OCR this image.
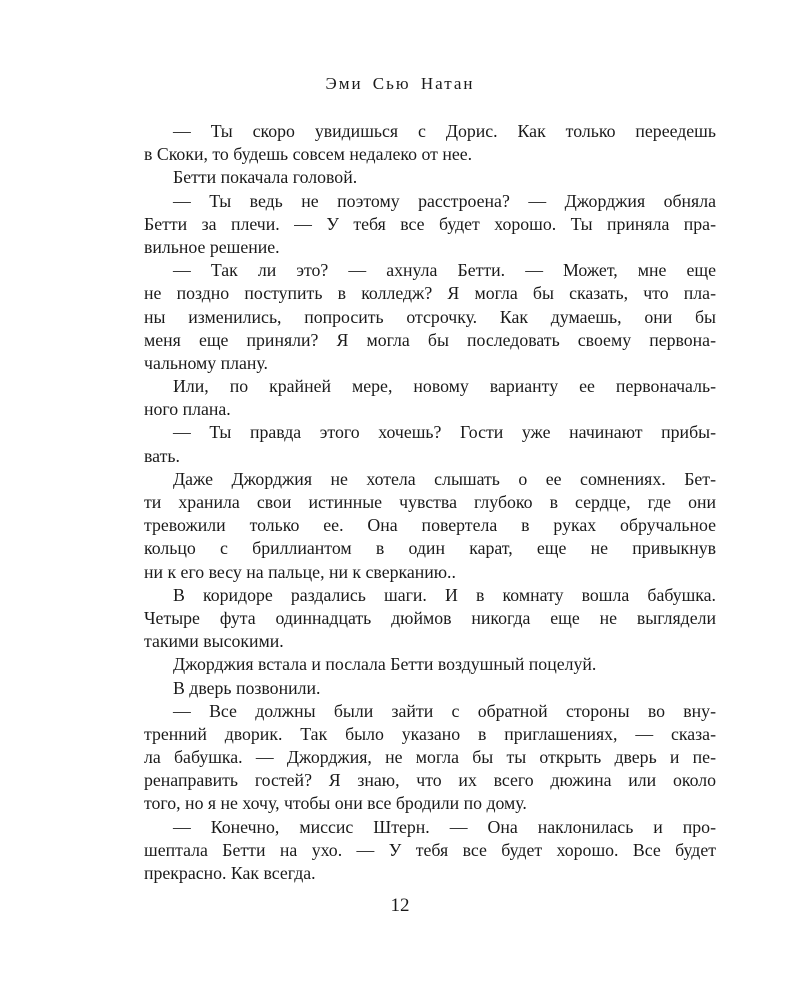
Эми Сью Натан
— Ты скоро увидишься с Дорис. Как только переедешь
в Скоки, то будешь совсем недалеко от нее.
Бетти покачала головой.
— Ты ведь не поэтому расстроена? — Джорджия обняла
Бетти за плечи. — У тебя все будет хорошо. Ты приняла пра-
вильное решение.
— Так ли это? — ахнула Бетти. — Может, мне еще
не поздно поступить в колледж? Я могла бы сказать, что пла-
ны изменились, попросить отсрочку. Как думаешь, они бы
меня еще приняли? Я могла бы последовать своему первона-
чальному плану.
Или, по крайней мере, новому варианту ее первоначаль-
ного плана.
— Ты правда этого хочешь? Гости уже начинают прибы-
вать.
Даже Джорджия не хотела слышать о ее сомнениях. Бет-
ти хранила свои истинные чувства глубоко в сердце, где они
тревожили только ее. Она повертела в руках обручальное
кольцо с бриллиантом в один карат, еще не привыкнув
ни к его весу на пальце, ни к сверканию..
В коридоре раздались шаги. И в комнату вошла бабушка.
Четыре фута одиннадцать дюймов никогда еще не выглядели
такими высокими.
Джорджия встала и послала Бетти воздушный поцелуй.
В дверь позвонили.
— Все должны были зайти с обратной стороны во вну-
тренний дворик. Так было указано в приглашениях, — сказа-
ла бабушка. — Джорджия, не могла бы ты открыть дверь и пе-
ренаправить гостей? Я знаю, что их всего дюжина или около
того, но я не хочу, чтобы они все бродили по дому.
— Конечно, миссис Штерн. — Она наклонилась и про-
шептала Бетти на ухо. — У тебя все будет хорошо. Все будет
прекрасно. Как всегда.
12
